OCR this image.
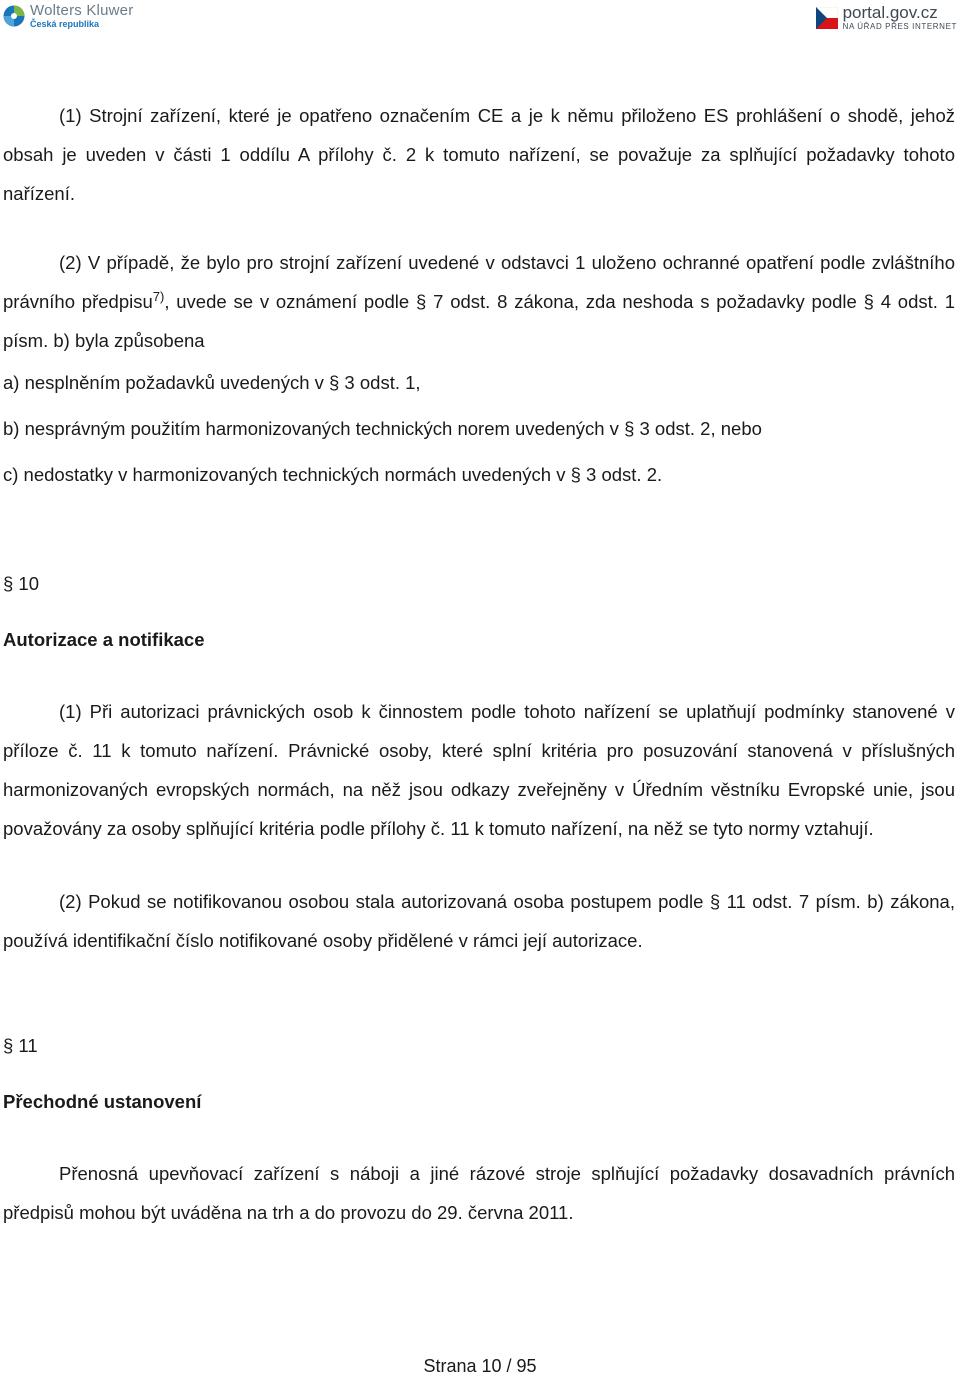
Wolters Kluwer
Česká republika
portal.gov.cz
NA ÚŘAD PŘES INTERNET

(1) Strojní zařízení, které je opatřeno označením CE a je k němu přiloženo ES prohlášení o shodě, jehož obsah je uveden v části 1 oddílu A přílohy č. 2 k tomuto nařízení, se považuje za splňující požadavky tohoto nařízení.

(2) V případě, že bylo pro strojní zařízení uvedené v odstavci 1 uloženo ochranné opatření podle zvláštního právního předpisu$^{7)}$, uvede se v oznámení podle § 7 odst. 8 zákona, zda neshoda s požadavky podle § 4 odst. 1 písm. b) byla způsobena

a) nesplněním požadavků uvedených v § 3 odst. 1,

b) nesprávným použitím harmonizovaných technických norem uvedených v § 3 odst. 2, nebo

c) nedostatky v harmonizovaných technických normách uvedených v § 3 odst. 2.

§ 10

Autorizace a notifikace

(1) Při autorizaci právnických osob k činnostem podle tohoto nařízení se uplatňují podmínky stanovené v příloze č. 11 k tomuto nařízení. Právnické osoby, které splní kritéria pro posuzování stanovená v příslušných harmonizovaných evropských normách, na něž jsou odkazy zveřejněny v Úředním věstníku Evropské unie, jsou považovány za osoby splňující kritéria podle přílohy č. 11 k tomuto nařízení, na něž se tyto normy vztahují.

(2) Pokud se notifikovanou osobou stala autorizovaná osoba postupem podle § 11 odst. 7 písm. b) zákona, používá identifikační číslo notifikované osoby přidělené v rámci její autorizace.

§ 11

Přechodné ustanovení

Přenosná upevňovací zařízení s náboji a jiné rázové stroje splňující požadavky dosavadních právních předpisů mohou být uváděna na trh a do provozu do 29. června 2011.

Strana 10 / 95
